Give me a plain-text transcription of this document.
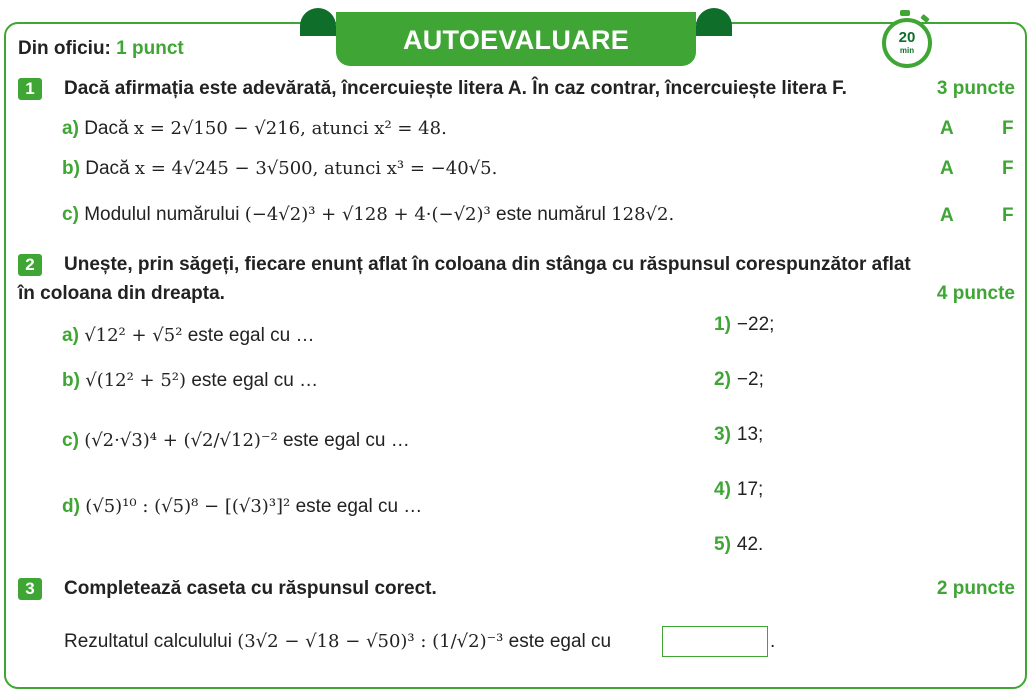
AUTOEVALUARE	20
min
Din oficiu: 1 punct
1	Dacă afirmația este adevărată, încercuiește litera A. În caz contrar, încercuiește litera F.	3 puncte
a) Dacă x = 2√150 − √216, atunci x² = 48.	A	F
b) Dacă x = 4√245 − 3√500, atunci x³ = −40√5.	A	F
c) Modulul numărului (−4√2)³ + √128 + 4·(−√2)³ este numărul 128√2.	A	F
2	Unește, prin săgeți, fiecare enunț aflat în coloana din stânga cu răspunsul corespunzător aflat
în coloana din dreapta.	4 puncte
a) √12² + √5² este egal cu …
b) √(12² + 5²) este egal cu …
c) (√2·√3)⁴ + (√2/√12)⁻² este egal cu …
d) (√5)¹⁰ : (√5)⁸ − [(√3)³]² este egal cu …
1) −22;
2) −2;
3) 13;
4) 17;
5) 42.
3	Completează caseta cu răspunsul corect.	2 puncte
Rezultatul calculului (3√2 − √18 − √50)³ : (1/√2)⁻³ este egal cu	.
